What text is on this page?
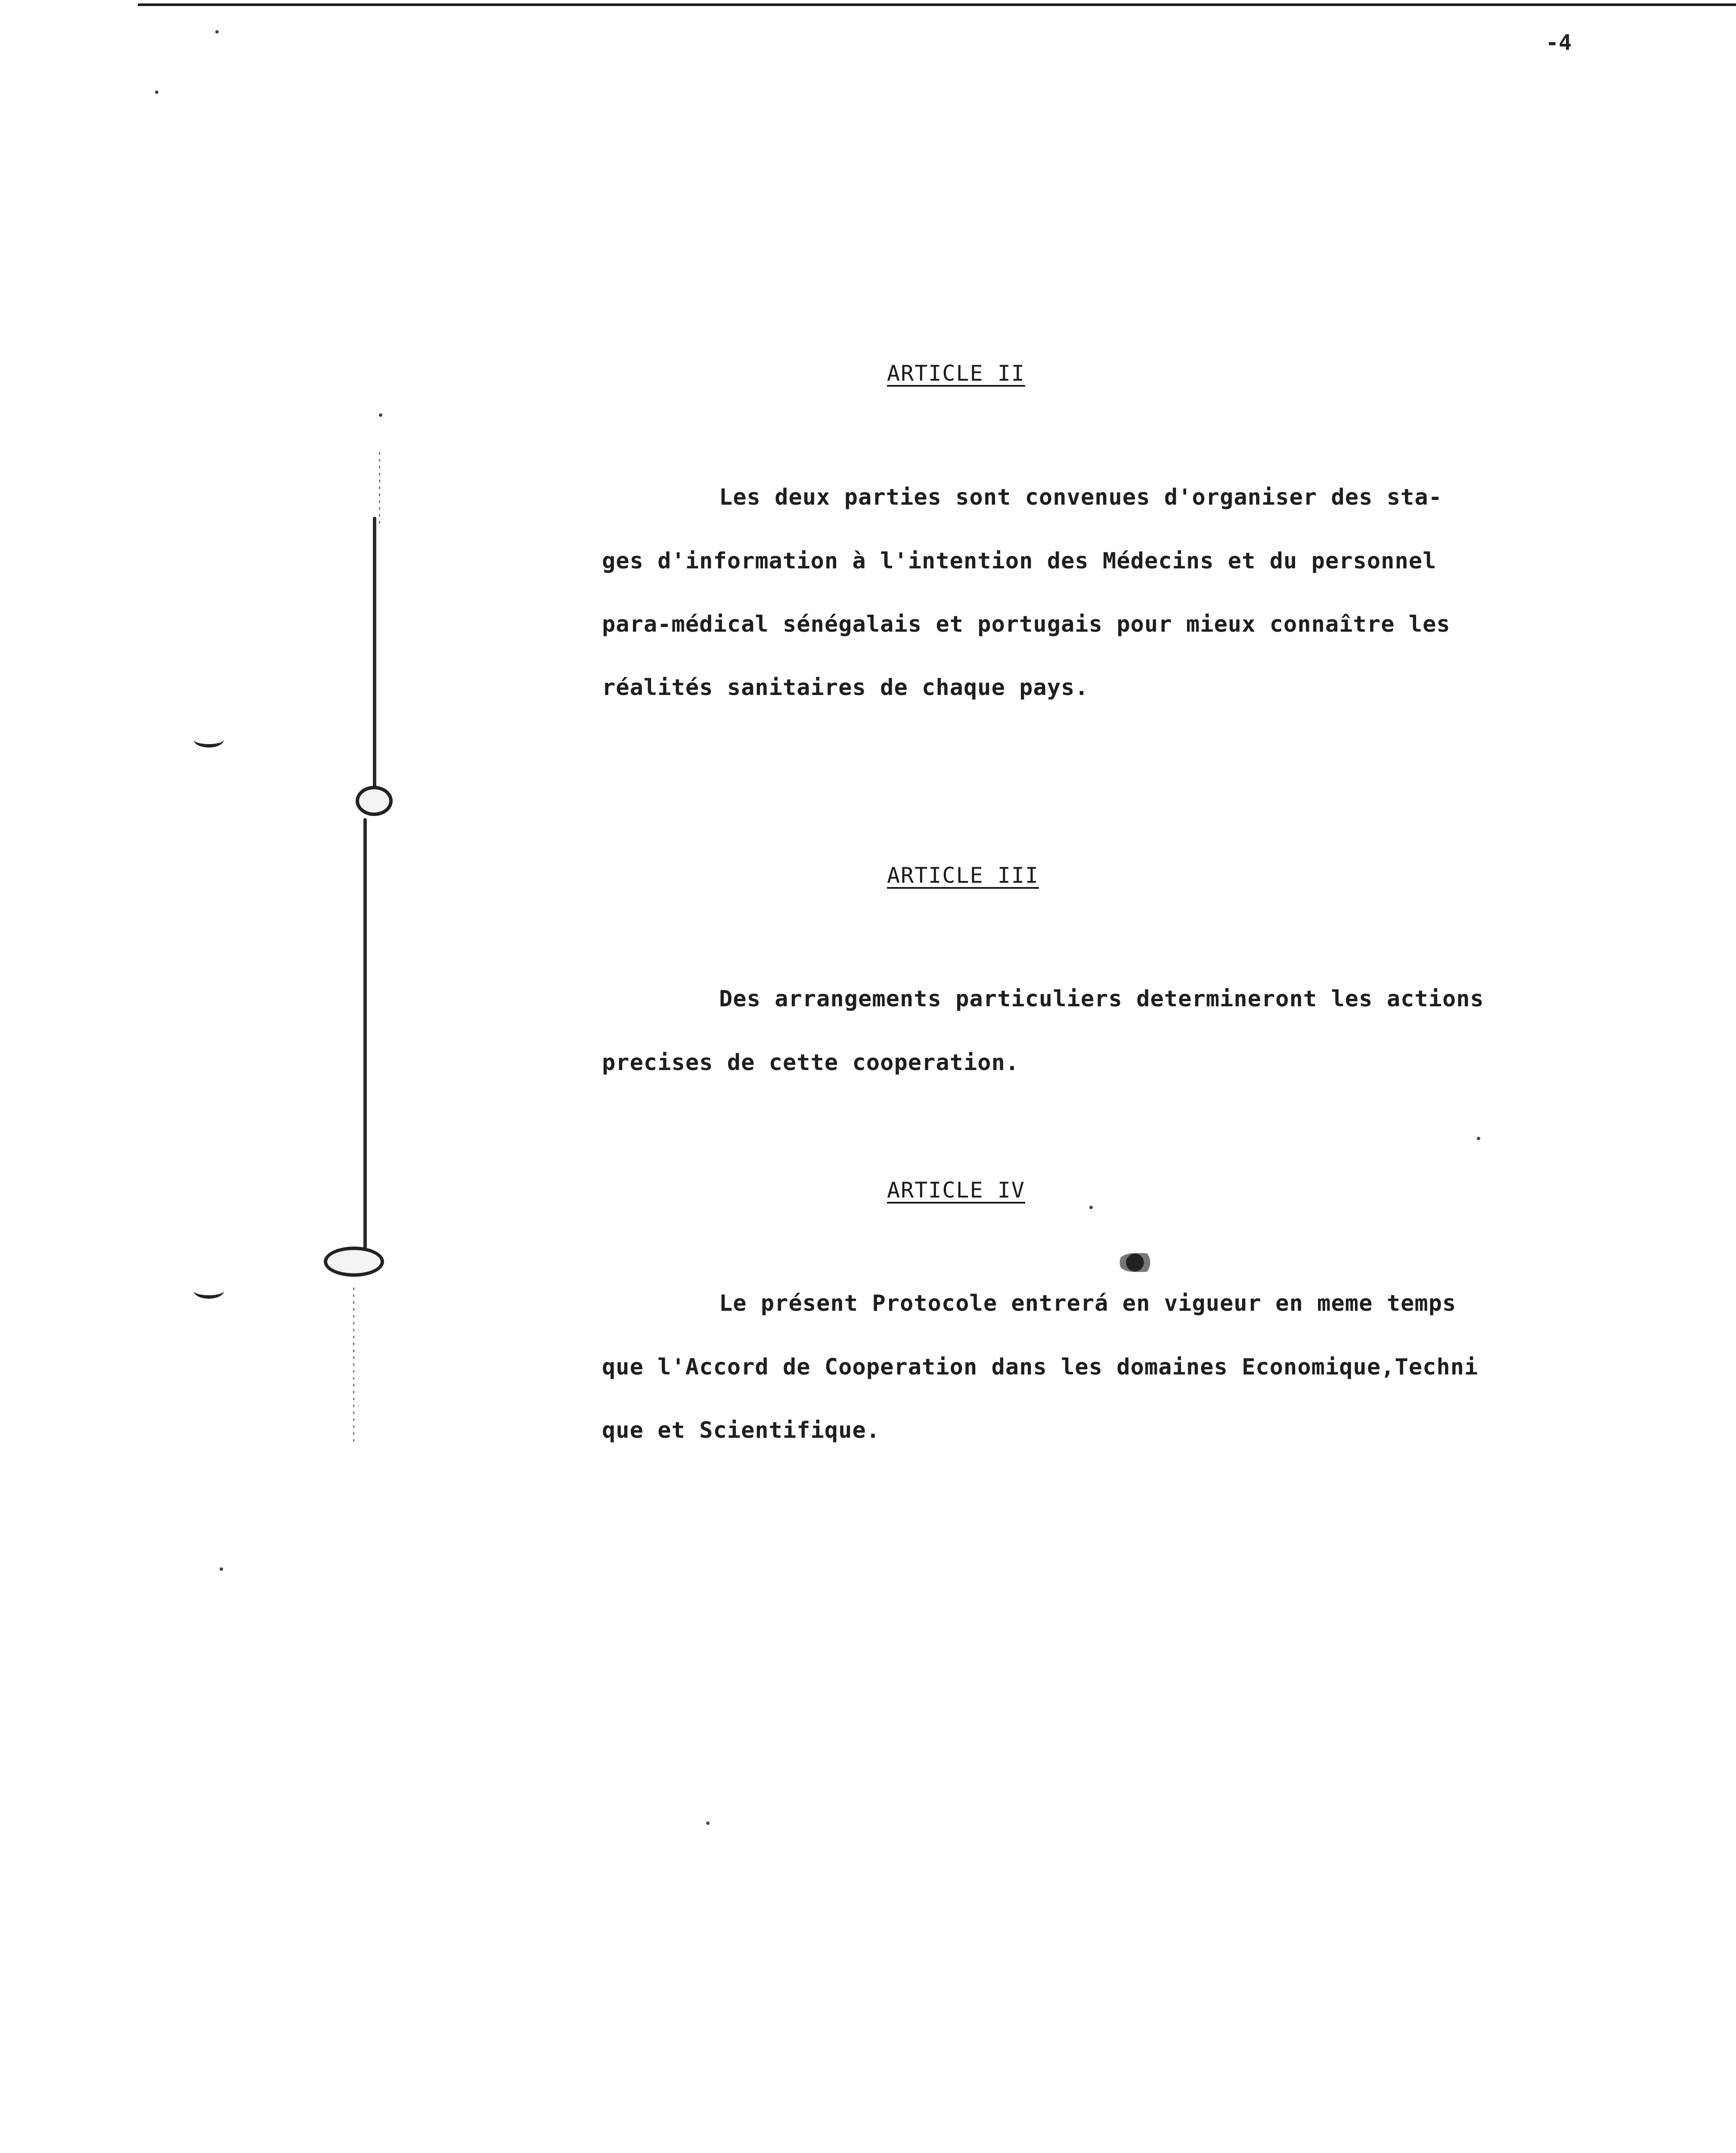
-4
ARTICLE II
Les deux parties sont convenues d'organiser des sta-
ges d'information à l'intention des Médecins et du personnel
para-médical sénégalais et portugais pour mieux connaître les
réalités sanitaires de chaque pays.
ARTICLE III
Des arrangements particuliers determineront les actions
precises de cette cooperation.
ARTICLE IV
Le présent Protocole entrerá en vigueur en meme temps
que l'Accord de Cooperation dans les domaines Economique,Techni
que et Scientifique.
